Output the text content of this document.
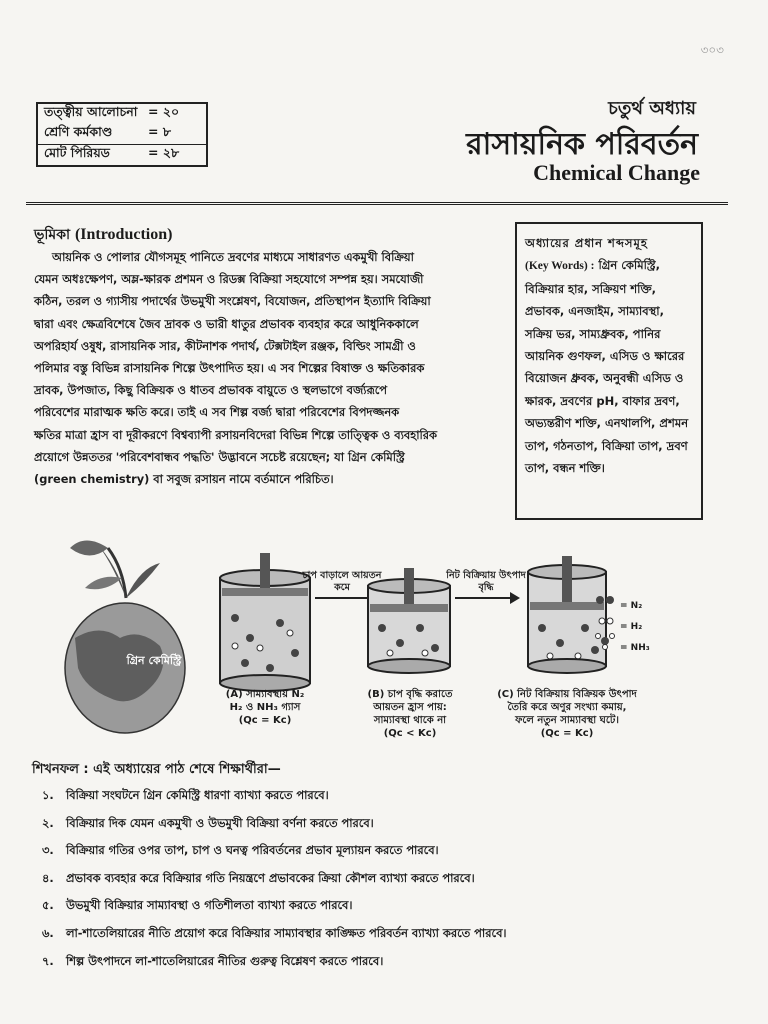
৩০৩
তত্ত্বীয় আলোচনা = ২০
শ্রেণি কর্মকাণ্ড	= ৮
মোট পিরিয়ড	= ২৮
চতুর্থ অধ্যায়
রাসায়নিক পরিবর্তন
Chemical Change
ভূমিকা (Introduction)
আয়নিক ও পোলার যৌগসমূহ পানিতে দ্রবণের মাধ্যমে সাধারণত একমুখী বিক্রিয়া
যেমন অধঃক্ষেপণ, অম্ল-ক্ষারক প্রশমন ও রিডক্স বিক্রিয়া সহযোগে সম্পন্ন হয়। সমযোজী
কঠিন, তরল ও গ্যাসীয় পদার্থের উভমুখী সংশ্লেষণ, বিযোজন, প্রতিস্থাপন ইত্যাদি বিক্রিয়া
দ্বারা এবং ক্ষেত্রবিশেষে জৈব দ্রাবক ও ভারী ধাতুর প্রভাবক ব্যবহার করে আধুনিককালে
অপরিহার্য ওষুধ, রাসায়নিক সার, কীটনাশক পদার্থ, টেক্সটাইল রঞ্জক, বিল্ডিং সামগ্রী ও
পলিমার বস্তু বিভিন্ন রাসায়নিক শিল্পে উৎপাদিত হয়। এ সব শিল্পের বিষাক্ত ও ক্ষতিকারক
দ্রাবক, উপজাত, কিছু বিক্রিয়ক ও ধাতব প্রভাবক বায়ুতে ও স্থলভাগে বর্জ্যরূপে
পরিবেশের মারাত্মক ক্ষতি করে। তাই এ সব শিল্প বর্জ্য দ্বারা পরিবেশের বিপদজ্জনক
ক্ষতির মাত্রা হ্রাস বা দূরীকরণে বিশ্বব্যাপী রসায়নবিদেরা বিভিন্ন শিল্পে তাত্ত্বিক ও ব্যবহারিক
প্রয়োগে উন্নততর 'পরিবেশবান্ধব পদ্ধতি' উদ্ভাবনে সচেষ্ট রয়েছেন; যা গ্রিন কেমিস্ট্রি
(green chemistry) বা সবুজ রসায়ন নামে বর্তমানে পরিচিত।
অধ্যায়ের প্রধান শব্দসমূহ
(Key Words) : গ্রিন কেমিস্ট্রি, বিক্রিয়ার হার, সক্রিয়ণ শক্তি, প্রভাবক, এনজাইম, সাম্যাবস্থা, সক্রিয় ভর, সাম্যধ্রুবক, পানির আয়নিক গুণফল, এসিড ও ক্ষারের বিয়োজন ধ্রুবক, অনুবন্ধী এসিড ও ক্ষারক, দ্রবণের pH, বাফার দ্রবণ, অভ্যন্তরীণ শক্তি, এনথালপি, প্রশমন তাপ, গঠনতাপ, বিক্রিয়া তাপ, দ্রবণ তাপ, বন্ধন শক্তি।
গ্রিন কেমিস্ট্রি
চাপ বাড়ালে আয়তন কমে
নিট বিক্রিয়ায় উৎপাদ বৃদ্ধি
= N₂
= H₂
= NH₃
(A) সাম্যাবস্থায় N₂
H₂ ও NH₃ গ্যাস
(Qc = Kc)
(B) চাপ বৃদ্ধি করাতে
আয়তন হ্রাস পায়:
সাম্যাবস্থা থাকে না
(Qc < Kc)
(C) নিট বিক্রিয়ায় বিক্রিয়ক উৎপাদ
তৈরি করে অণুর সংখ্যা কমায়,
ফলে নতুন সাম্যাবস্থা ঘটে।
(Qc = Kc)
শিখনফল : এই অধ্যায়ের পাঠ শেষে শিক্ষার্থীরা—
১.	বিক্রিয়া সংঘটনে গ্রিন কেমিস্ট্রি ধারণা ব্যাখ্যা করতে পারবে।
২.	বিক্রিয়ার দিক যেমন একমুখী ও উভমুখী বিক্রিয়া বর্ণনা করতে পারবে।
৩.	বিক্রিয়ার গতির ওপর তাপ, চাপ ও ঘনত্ব পরিবর্তনের প্রভাব মূল্যায়ন করতে পারবে।
৪.	প্রভাবক ব্যবহার করে বিক্রিয়ার গতি নিয়ন্ত্রণে প্রভাবকের ক্রিয়া কৌশল ব্যাখ্যা করতে পারবে।
৫.	উভমুখী বিক্রিয়ার সাম্যাবস্থা ও গতিশীলতা ব্যাখ্যা করতে পারবে।
৬.	লা-শাতেলিয়ারের নীতি প্রয়োগ করে বিক্রিয়ার সাম্যাবস্থার কাঙ্ক্ষিত পরিবর্তন ব্যাখ্যা করতে পারবে।
৭.	শিল্প উৎপাদনে লা-শাতেলিয়ারের নীতির গুরুত্ব বিশ্লেষণ করতে পারবে।
